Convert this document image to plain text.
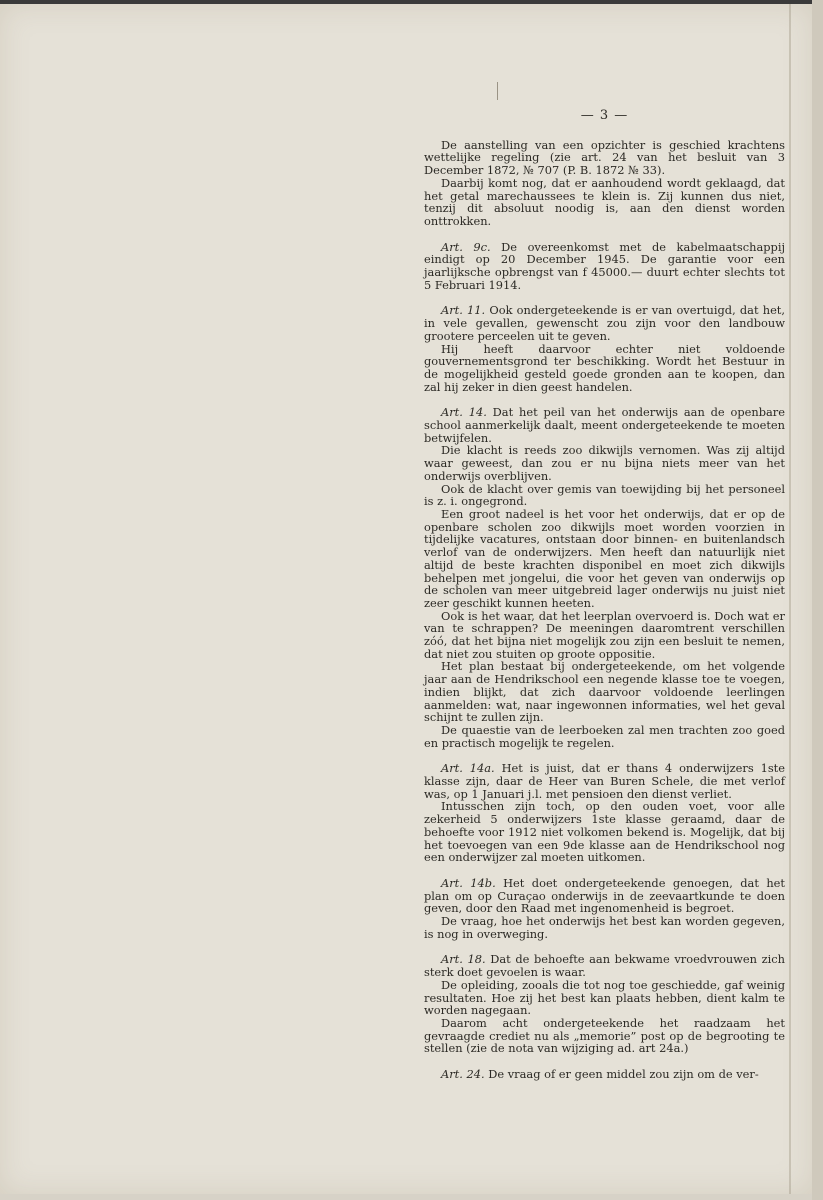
— 3 —

De aanstelling van een opzichter is geschied krachtens wettelijke regeling (zie art. 24 van het besluit van 3 December 1872, № 707 (P. B. 1872 № 33).

Daarbij komt nog, dat er aanhoudend wordt geklaagd, dat het getal marechaussees te klein is. Zij kunnen dus niet, tenzij dit absoluut noodig is, aan den dienst worden onttrokken.

Art. 9c. De overeenkomst met de kabelmaatschappij eindigt op 20 December 1945. De garantie voor een jaarlijksche opbrengst van f 45000.— duurt echter slechts tot 5 Februari 1914.

Art. 11. Ook ondergeteekende is er van overtuigd, dat het, in vele gevallen, gewenscht zou zijn voor den landbouw grootere perceelen uit te geven.

Hij heeft daarvoor echter niet voldoende gouvernementsgrond ter beschikking. Wordt het Bestuur in de mogelijkheid gesteld goede gronden aan te koopen, dan zal hij zeker in dien geest handelen.

Art. 14. Dat het peil van het onderwijs aan de openbare school aanmerkelijk daalt, meent ondergeteekende te moeten betwijfelen.

Die klacht is reeds zoo dikwijls vernomen. Was zij altijd waar geweest, dan zou er nu bijna niets meer van het onderwijs overblijven.

Ook de klacht over gemis van toewijding bij het personeel is z. i. ongegrond.

Een groot nadeel is het voor het onderwijs, dat er op de openbare scholen zoo dikwijls moet worden voorzien in tijdelijke vacatures, ontstaan door binnen- en buitenlandsch verlof van de onderwijzers. Men heeft dan natuurlijk niet altijd de beste krachten disponibel en moet zich dikwijls behelpen met jongelui, die voor het geven van onderwijs op de scholen van meer uitgebreid lager onderwijs nu juist niet zeer geschikt kunnen heeten.

Ook is het waar, dat het leerplan overvoerd is. Doch wat er van te schrappen? De meeningen daaromtrent verschillen zóó, dat het bijna niet mogelijk zou zijn een besluit te nemen, dat niet zou stuiten op groote oppositie.

Het plan bestaat bij ondergeteekende, om het volgende jaar aan de Hendrikschool een negende klasse toe te voegen, indien blijkt, dat zich daarvoor voldoende leerlingen aanmelden: wat, naar ingewonnen informaties, wel het geval schijnt te zullen zijn.

De quaestie van de leerboeken zal men trachten zoo goed en practisch mogelijk te regelen.

Art. 14a. Het is juist, dat er thans 4 onderwijzers 1ste klasse zijn, daar de Heer van Buren Schele, die met verlof was, op 1 Januari j.l. met pensioen den dienst verliet.

Intusschen zijn toch, op den ouden voet, voor alle zekerheid 5 onderwijzers 1ste klasse geraamd, daar de behoefte voor 1912 niet volkomen bekend is. Mogelijk, dat bij het toevoegen van een 9de klasse aan de Hendrikschool nog een onderwijzer zal moeten uitkomen.

Art. 14b. Het doet ondergeteekende genoegen, dat het plan om op Curaçao onderwijs in de zeevaartkunde te doen geven, door den Raad met ingenomenheid is begroet.

De vraag, hoe het onderwijs het best kan worden gegeven, is nog in overweging.

Art. 18. Dat de behoefte aan bekwame vroedvrouwen zich sterk doet gevoelen is waar.

De opleiding, zooals die tot nog toe geschiedde, gaf weinig resultaten. Hoe zij het best kan plaats hebben, dient kalm te worden nagegaan.

Daarom acht ondergeteekende het raadzaam het gevraagde crediet nu als „memorie” post op de begrooting te stellen (zie de nota van wijziging ad. art 24a.)

Art. 24. De vraag of er geen middel zou zijn om de ver-
